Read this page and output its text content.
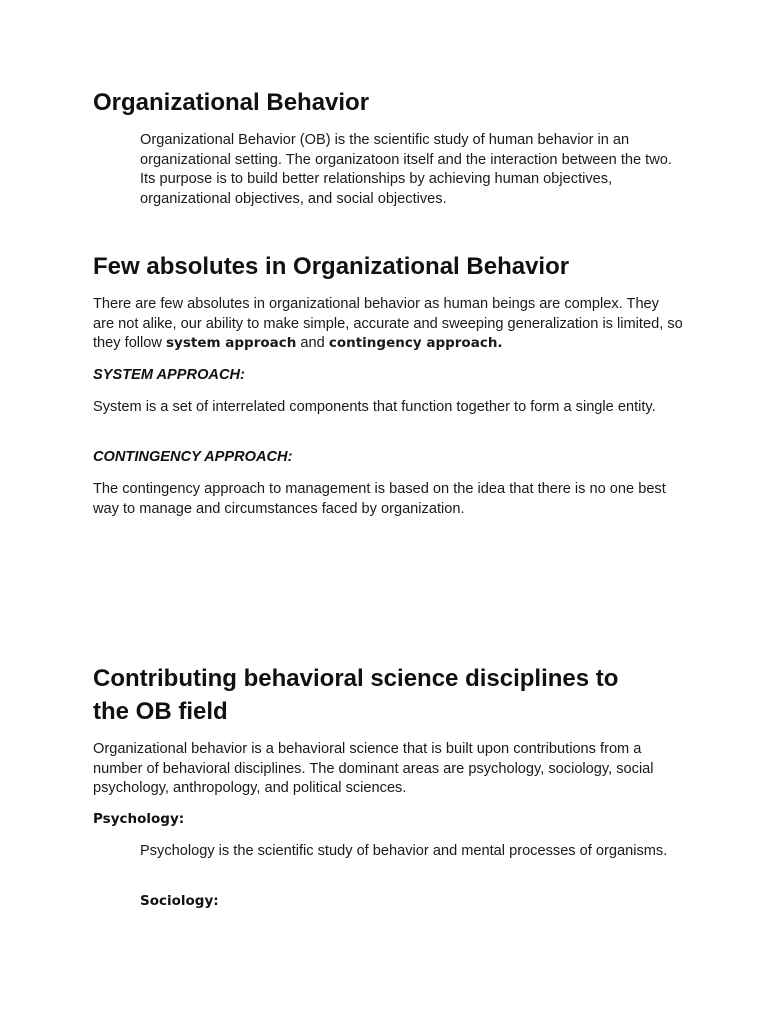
Organizational Behavior

Organizational Behavior (OB) is the scientific study of human behavior in an organizational setting. The organizatoon itself and the interaction between the two. Its purpose is to build better relationships by achieving human objectives, organizational objectives, and social objectives.

Few absolutes in Organizational Behavior

There are few absolutes in organizational behavior as human beings are complex. They are not alike, our ability to make simple, accurate and sweeping generalization is limited, so they follow system approach and contingency approach.

SYSTEM APPROACH:

System is a set of interrelated components that function together to form a single entity.

CONTINGENCY APPROACH:

The contingency approach to management is based on the idea that there is no one best way to manage and circumstances faced by organization.

Contributing behavioral science disciplines to
the OB field

Organizational behavior is a behavioral science that is built upon contributions from a number of behavioral disciplines. The dominant areas are psychology, sociology, social psychology, anthropology, and political sciences.

Psychology:

Psychology is the scientific study of behavior and mental processes of organisms.

Sociology:
